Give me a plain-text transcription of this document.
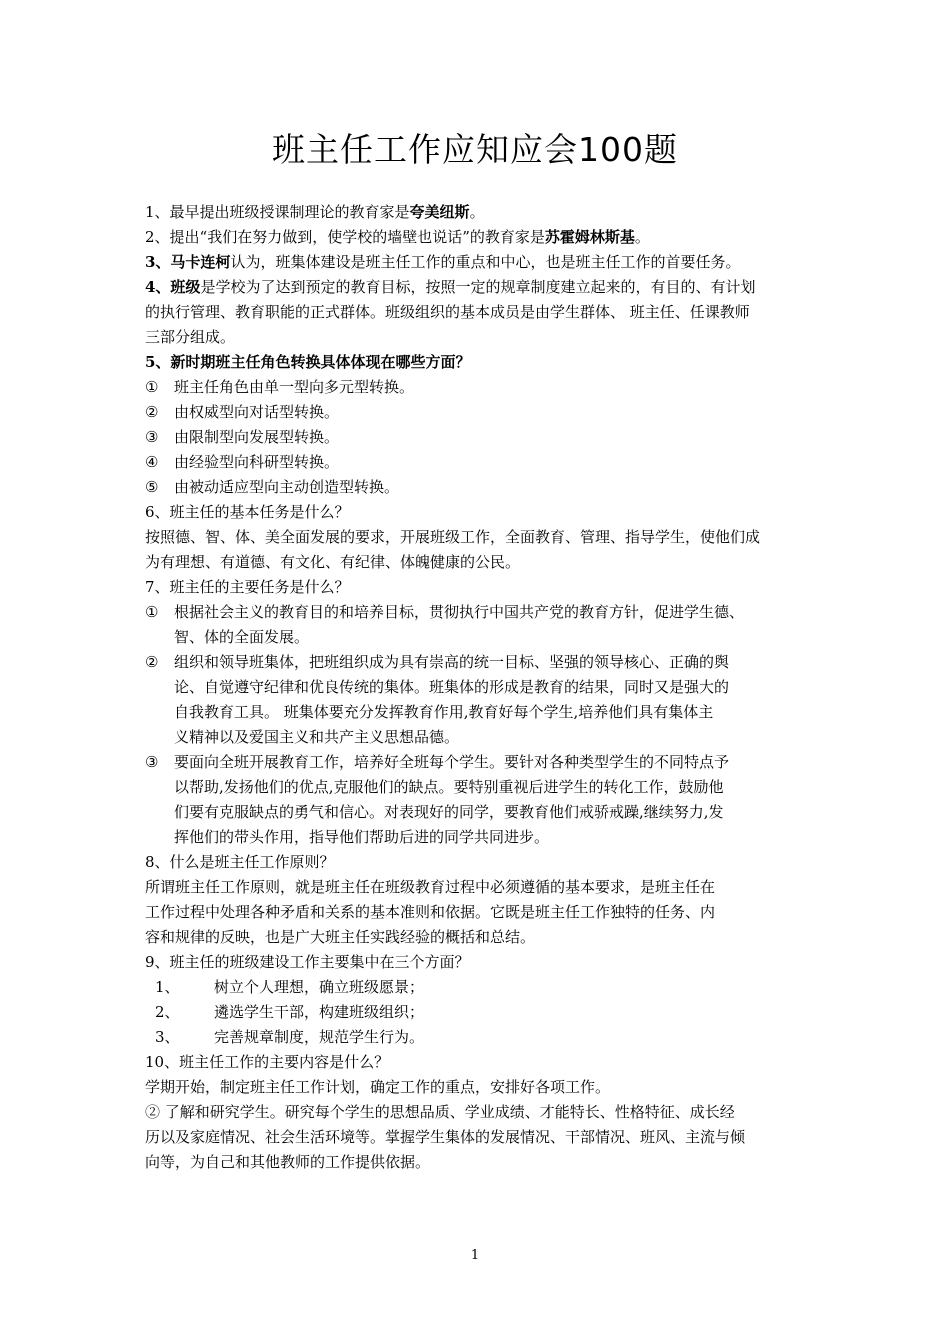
班主任工作应知应会100题
1、最早提出班级授课制理论的教育家是夸美纽斯。
2、提出“我们在努力做到，使学校的墙壁也说话”的教育家是苏霍姆林斯基。
3、马卡连柯认为，班集体建设是班主任工作的重点和中心，也是班主任工作的首要任务。
4、班级是学校为了达到预定的教育目标，按照一定的规章制度建立起来的，有目的、有计划
的执行管理、教育职能的正式群体。班级组织的基本成员是由学生群体、 班主任、任课教师
三部分组成。
5、新时期班主任角色转换具体体现在哪些方面？
① 班主任角色由单一型向多元型转换。
② 由权威型向对话型转换。
③ 由限制型向发展型转换。
④ 由经验型向科研型转换。
⑤ 由被动适应型向主动创造型转换。
6、班主任的基本任务是什么？
按照德、智、体、美全面发展的要求，开展班级工作，全面教育、管理、指导学生，使他们成
为有理想、有道德、有文化、有纪律、体魄健康的公民。
7、班主任的主要任务是什么？
① 根据社会主义的教育目的和培养目标，贯彻执行中国共产党的教育方针，促进学生德、
智、体的全面发展。
② 组织和领导班集体，把班组织成为具有崇高的统一目标、坚强的领导核心、正确的舆
论、自觉遵守纪律和优良传统的集体。班集体的形成是教育的结果，同时又是强大的
自我教育工具。 班集体要充分发挥教育作用,教育好每个学生,培养他们具有集体主
义精神以及爱国主义和共产主义思想品德。
③ 要面向全班开展教育工作，培养好全班每个学生。要针对各种类型学生的不同特点予
以帮助,发扬他们的优点,克服他们的缺点。要特别重视后进学生的转化工作，鼓励他
们要有克服缺点的勇气和信心。对表现好的同学，要教育他们戒骄戒躁,继续努力,发
挥他们的带头作用，指导他们帮助后进的同学共同进步。
8、什么是班主任工作原则？
所谓班主任工作原则，就是班主任在班级教育过程中必须遵循的基本要求，是班主任在
工作过程中处理各种矛盾和关系的基本准则和依据。它既是班主任工作独特的任务、内
容和规律的反映，也是广大班主任实践经验的概括和总结。
9、班主任的班级建设工作主要集中在三个方面？
1、 树立个人理想，确立班级愿景；
2、 遴选学生干部，构建班级组织；
3、 完善规章制度，规范学生行为。
10、班主任工作的主要内容是什么？
学期开始，制定班主任工作计划，确定工作的重点，安排好各项工作。
② 了解和研究学生。研究每个学生的思想品质、学业成绩、才能特长、性格特征、成长经
历以及家庭情况、社会生活环境等。掌握学生集体的发展情况、干部情况、班风、主流与倾
向等，为自己和其他教师的工作提供依据。
1
